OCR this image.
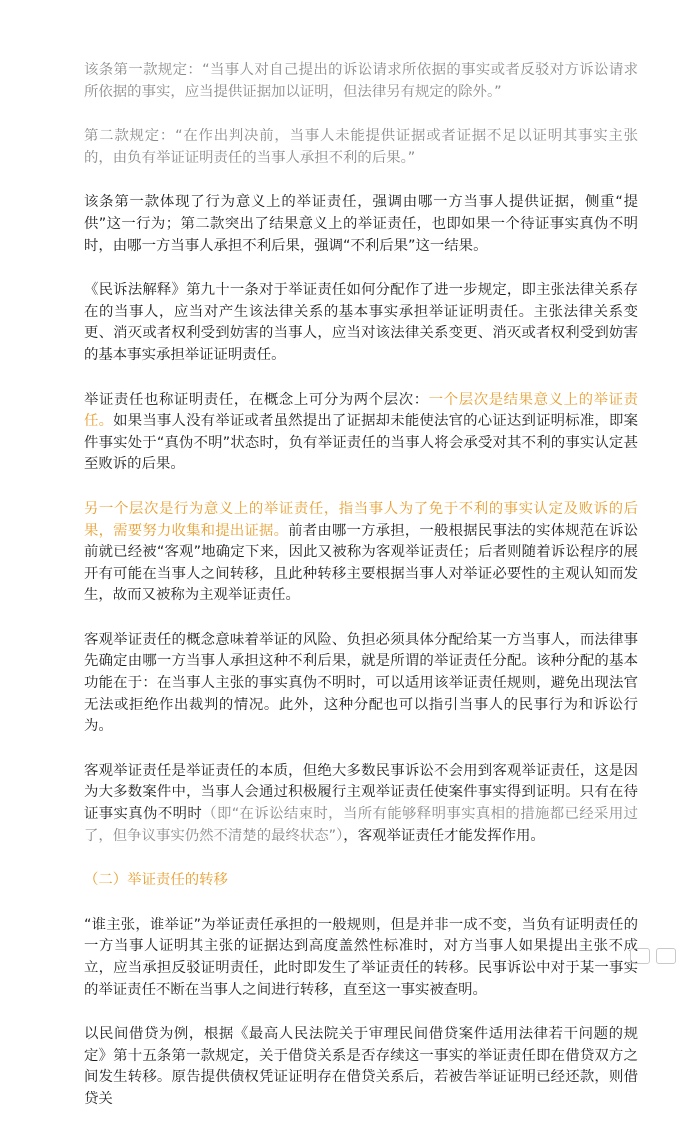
该条第一款规定：“当事人对自己提出的诉讼请求所依据的事实或者反驳对方诉讼请求所依据的事实，应当提供证据加以证明，但法律另有规定的除外。”

第二款规定：“在作出判决前，当事人未能提供证据或者证据不足以证明其事实主张的，由负有举证证明责任的当事人承担不利的后果。”

该条第一款体现了行为意义上的举证责任，强调由哪一方当事人提供证据，侧重“提供”这一行为；第二款突出了结果意义上的举证责任，也即如果一个待证事实真伪不明时，由哪一方当事人承担不利后果，强调“不利后果”这一结果。

《民诉法解释》第九十一条对于举证责任如何分配作了进一步规定，即主张法律关系存在的当事人，应当对产生该法律关系的基本事实承担举证证明责任。主张法律关系变更、消灭或者权利受到妨害的当事人，应当对该法律关系变更、消灭或者权利受到妨害的基本事实承担举证证明责任。

举证责任也称证明责任，在概念上可分为两个层次：一个层次是结果意义上的举证责任。如果当事人没有举证或者虽然提出了证据却未能使法官的心证达到证明标准，即案件事实处于“真伪不明”状态时，负有举证责任的当事人将会承受对其不利的事实认定甚至败诉的后果。

另一个层次是行为意义上的举证责任，指当事人为了免于不利的事实认定及败诉的后果，需要努力收集和提出证据。前者由哪一方承担，一般根据民事法的实体规范在诉讼前就已经被“客观”地确定下来，因此又被称为客观举证责任；后者则随着诉讼程序的展开有可能在当事人之间转移，且此种转移主要根据当事人对举证必要性的主观认知而发生，故而又被称为主观举证责任。

客观举证责任的概念意味着举证的风险、负担必须具体分配给某一方当事人，而法律事先确定由哪一方当事人承担这种不利后果，就是所谓的举证责任分配。该种分配的基本功能在于：在当事人主张的事实真伪不明时，可以适用该举证责任规则，避免出现法官无法或拒绝作出裁判的情况。此外，这种分配也可以指引当事人的民事行为和诉讼行为。

客观举证责任是举证责任的本质，但绝大多数民事诉讼不会用到客观举证责任，这是因为大多数案件中，当事人会通过积极履行主观举证责任使案件事实得到证明。只有在待证事实真伪不明时（即“在诉讼结束时，当所有能够释明事实真相的措施都已经采用过了，但争议事实仍然不清楚的最终状态”），客观举证责任才能发挥作用。

（二）举证责任的转移

“谁主张，谁举证”为举证责任承担的一般规则，但是并非一成不变，当负有证明责任的一方当事人证明其主张的证据达到高度盖然性标准时，对方当事人如果提出主张不成立，应当承担反驳证明责任，此时即发生了举证责任的转移。民事诉讼中对于某一事实的举证责任不断在当事人之间进行转移，直至这一事实被查明。

以民间借贷为例，根据《最高人民法院关于审理民间借贷案件适用法律若干问题的规定》第十五条第一款规定，关于借贷关系是否存续这一事实的举证责任即在借贷双方之间发生转移。原告提供债权凭证证明存在借贷关系后，若被告举证证明已经还款，则借贷关
